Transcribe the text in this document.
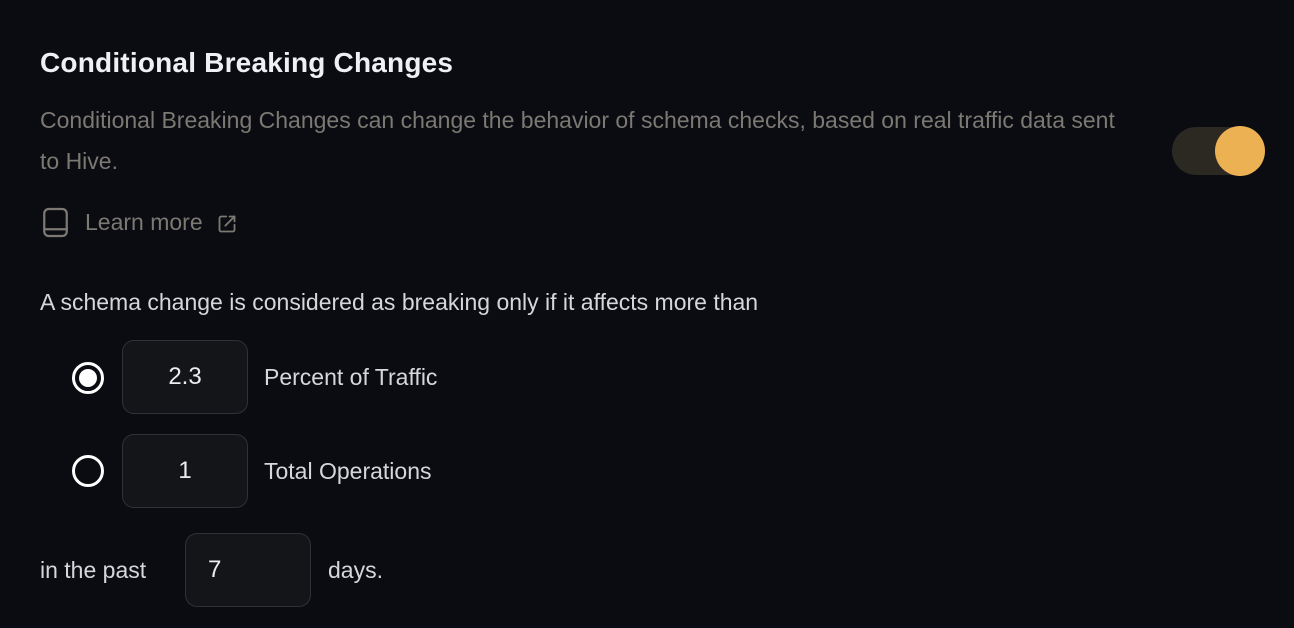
Conditional Breaking Changes

Conditional Breaking Changes can change the behavior of schema checks, based on real traffic data sent to Hive.

Learn more
A schema change is considered as breaking only if it affects more than
2.3
Percent of Traffic
1
Total Operations
in the past
7	days.
